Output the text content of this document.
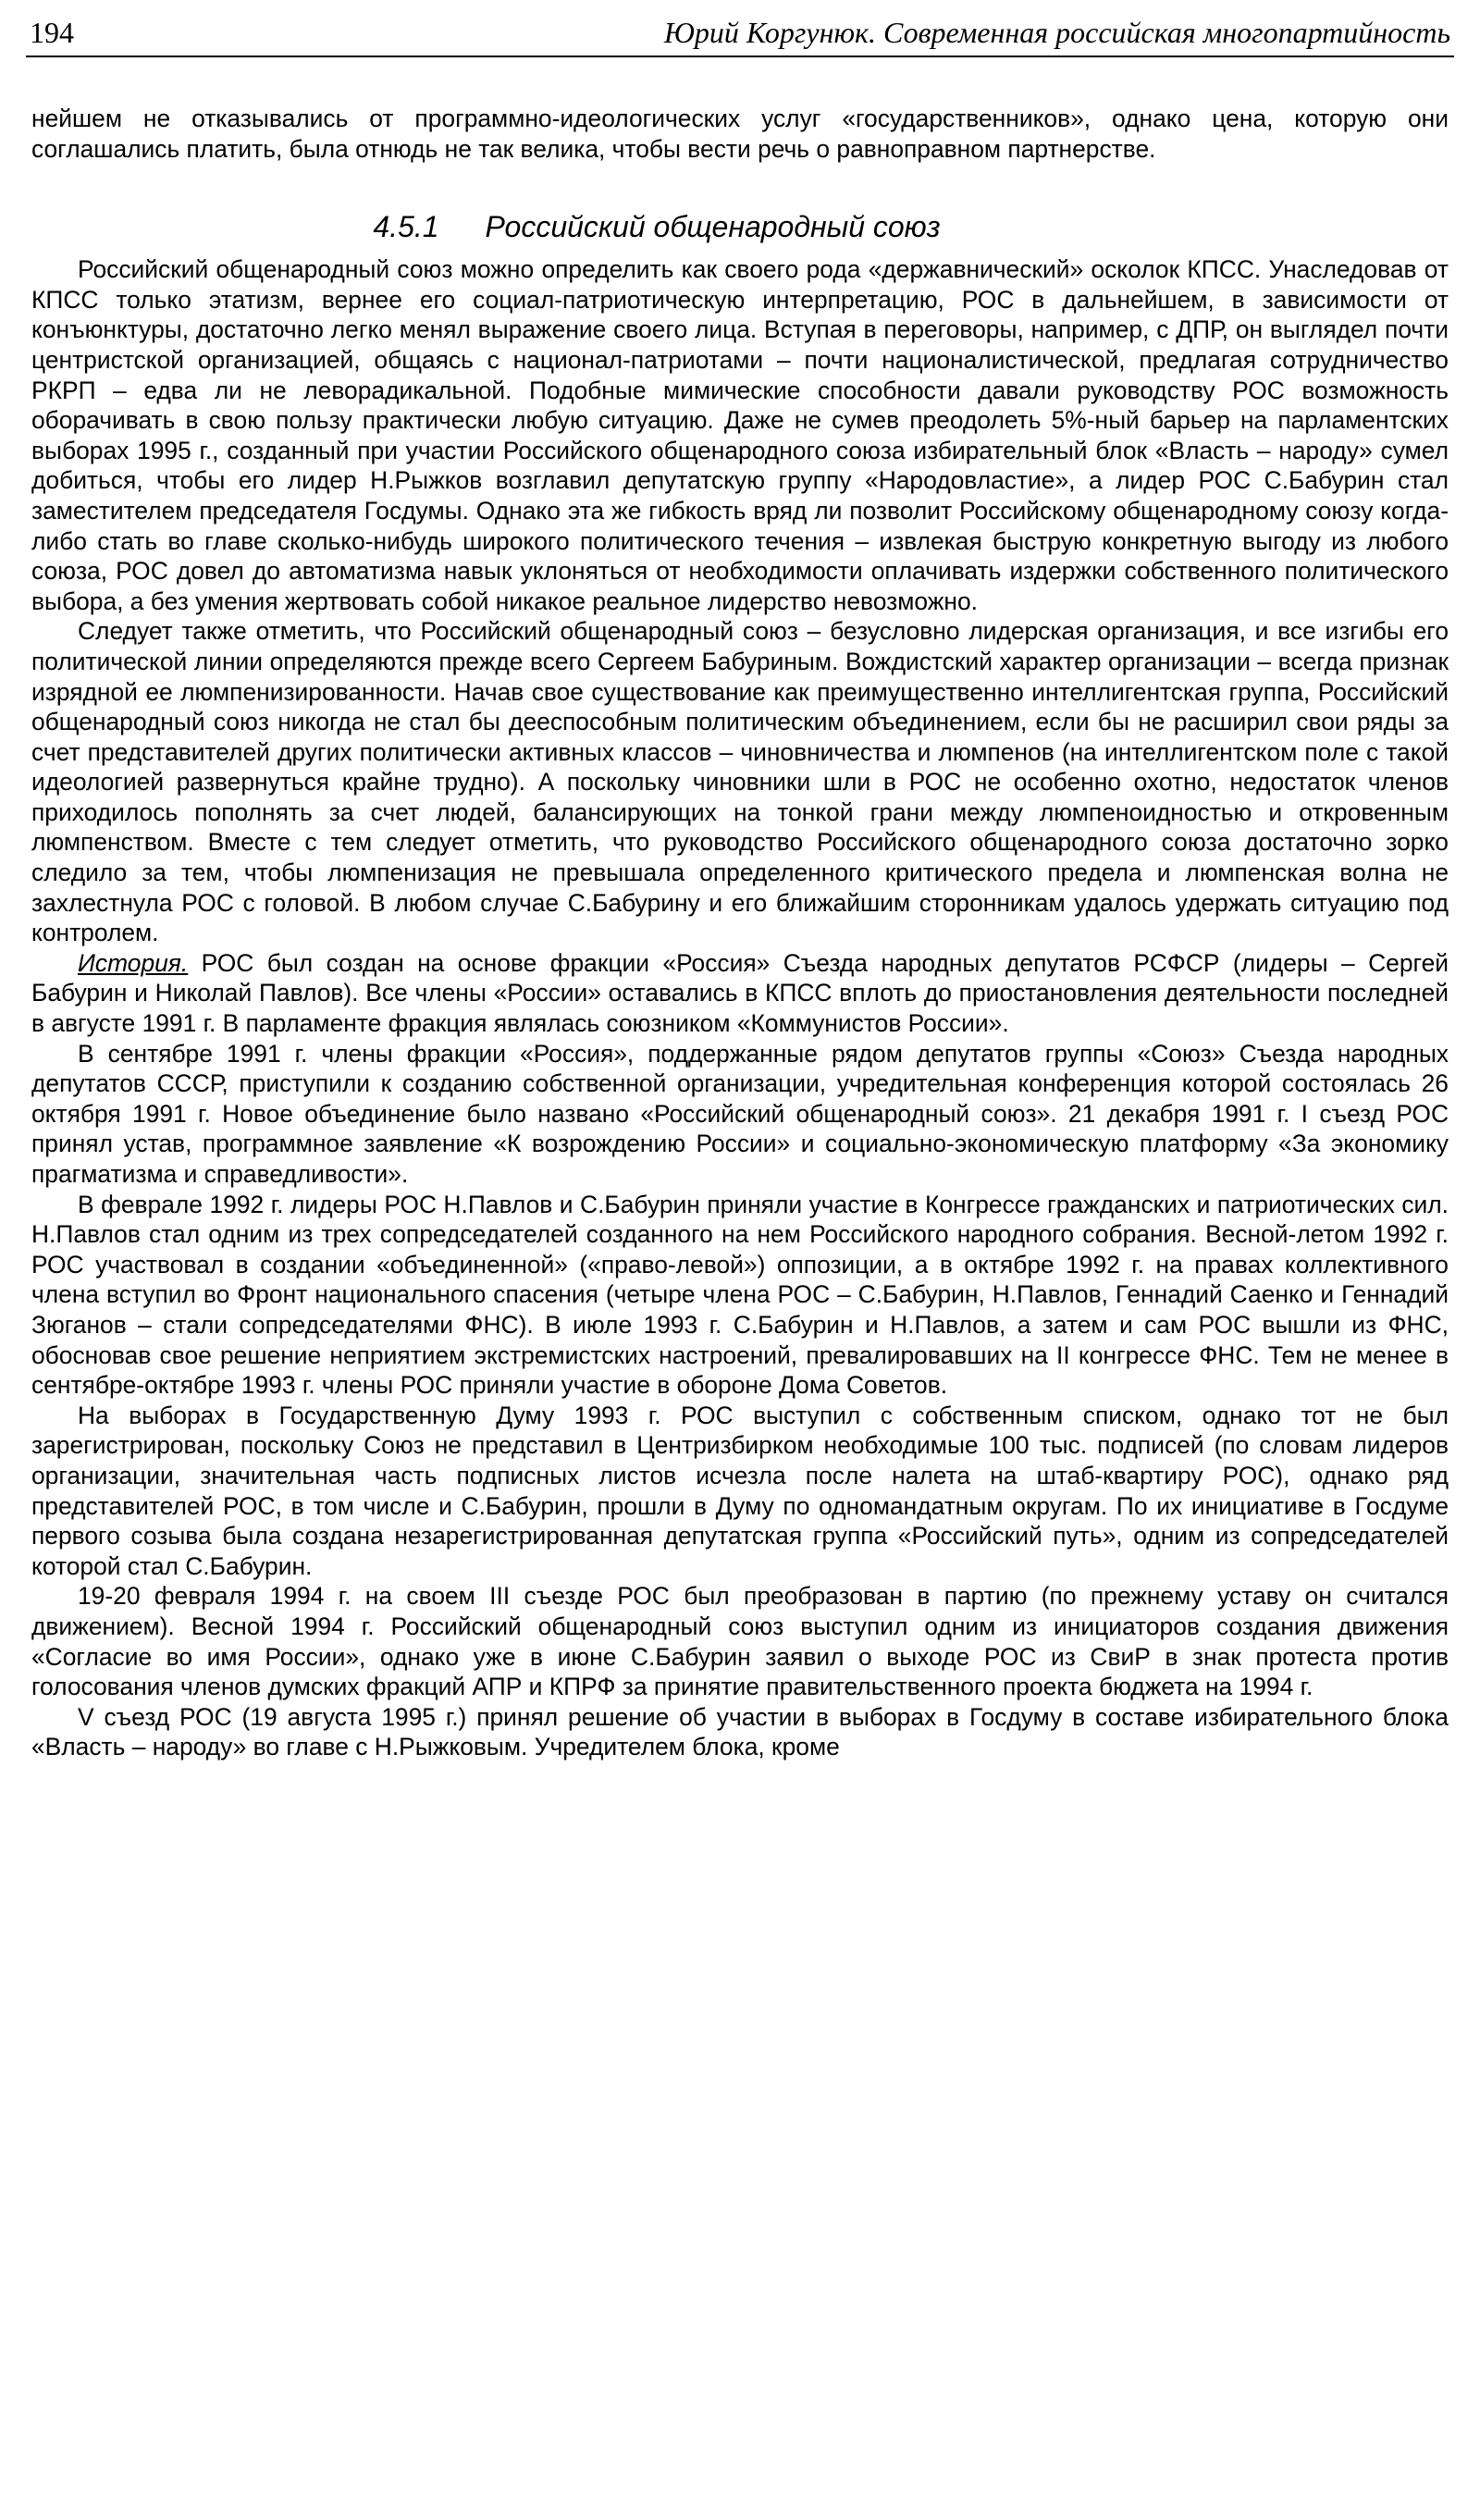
194	Юрий Коргунюк. Современная российская многопартийность

нейшем не отказывались от программно-идеологических услуг «государственников», однако цена, которую они соглашались платить, была отнюдь не так велика, чтобы вести речь о равноправном партнерстве.

4.5.1 Российский общенародный союз

Российский общенародный союз можно определить как своего рода «державнический» осколок КПСС. Унаследовав от КПСС только этатизм, вернее его социал-патриотическую интерпретацию, РОС в дальнейшем, в зависимости от конъюнктуры, достаточно легко менял выражение своего лица. Вступая в переговоры, например, с ДПР, он выглядел почти центристской организацией, общаясь с национал-патриотами – почти националистической, предлагая сотрудничество РКРП – едва ли не леворадикальной. Подобные мимические способности давали руководству РОС возможность оборачивать в свою пользу практически любую ситуацию. Даже не сумев преодолеть 5%-ный барьер на парламентских выборах 1995 г., созданный при участии Российского общенародного союза избирательный блок «Власть – народу» сумел добиться, чтобы его лидер Н.Рыжков возглавил депутатскую группу «Народовластие», а лидер РОС С.Бабурин стал заместителем председателя Госдумы. Однако эта же гибкость вряд ли позволит Российскому общенародному союзу когда-либо стать во главе сколько-нибудь широкого политического течения – извлекая быструю конкретную выгоду из любого союза, РОС довел до автоматизма навык уклоняться от необходимости оплачивать издержки собственного политического выбора, а без умения жертвовать собой никакое реальное лидерство невозможно.

Следует также отметить, что Российский общенародный союз – безусловно лидерская организация, и все изгибы его политической линии определяются прежде всего Сергеем Бабуриным. Вождистский характер организации – всегда признак изрядной ее люмпенизированности. Начав свое существование как преимущественно интеллигентская группа, Российский общенародный союз никогда не стал бы дееспособным политическим объединением, если бы не расширил свои ряды за счет представителей других политически активных классов – чиновничества и люмпенов (на интеллигентском поле с такой идеологией развернуться крайне трудно). А поскольку чиновники шли в РОС не особенно охотно, недостаток членов приходилось пополнять за счет людей, балансирующих на тонкой грани между люмпеноидностью и откровенным люмпенством. Вместе с тем следует отметить, что руководство Российского общенародного союза достаточно зорко следило за тем, чтобы люмпенизация не превышала определенного критического предела и люмпенская волна не захлестнула РОС с головой. В любом случае С.Бабурину и его ближайшим сторонникам удалось удержать ситуацию под контролем.

История. РОС был создан на основе фракции «Россия» Съезда народных депутатов РСФСР (лидеры – Сергей Бабурин и Николай Павлов). Все члены «России» оставались в КПСС вплоть до приостановления деятельности последней в августе 1991 г. В парламенте фракция являлась союзником «Коммунистов России».

В сентябре 1991 г. члены фракции «Россия», поддержанные рядом депутатов группы «Союз» Съезда народных депутатов СССР, приступили к созданию собственной организации, учредительная конференция которой состоялась 26 октября 1991 г. Новое объединение было названо «Российский общенародный союз». 21 декабря 1991 г. I съезд РОС принял устав, программное заявление «К возрождению России» и социально-экономическую платформу «За экономику прагматизма и справедливости».

В феврале 1992 г. лидеры РОС Н.Павлов и С.Бабурин приняли участие в Конгрессе гражданских и патриотических сил. Н.Павлов стал одним из трех сопредседателей созданного на нем Российского народного собрания. Весной-летом 1992 г. РОС участвовал в создании «объединенной» («право-левой») оппозиции, а в октябре 1992 г. на правах коллективного члена вступил во Фронт национального спасения (четыре члена РОС – С.Бабурин, Н.Павлов, Геннадий Саенко и Геннадий Зюганов – стали сопредседателями ФНС). В июле 1993 г. С.Бабурин и Н.Павлов, а затем и сам РОС вышли из ФНС, обосновав свое решение неприятием экстремистских настроений, превалировавших на II конгрессе ФНС. Тем не менее в сентябре-октябре 1993 г. члены РОС приняли участие в обороне Дома Советов.

На выборах в Государственную Думу 1993 г. РОС выступил с собственным списком, однако тот не был зарегистрирован, поскольку Союз не представил в Центризбирком необходимые 100 тыс. подписей (по словам лидеров организации, значительная часть подписных листов исчезла после налета на штаб-квартиру РОС), однако ряд представителей РОС, в том числе и С.Бабурин, прошли в Думу по одномандатным округам. По их инициативе в Госдуме первого созыва была создана незарегистрированная депутатская группа «Российский путь», одним из сопредседателей которой стал С.Бабурин.

19-20 февраля 1994 г. на своем III съезде РОС был преобразован в партию (по прежнему уставу он считался движением). Весной 1994 г. Российский общенародный союз выступил одним из инициаторов создания движения «Согласие во имя России», однако уже в июне С.Бабурин заявил о выходе РОС из СвиР в знак протеста против голосования членов думских фракций АПР и КПРФ за принятие правительственного проекта бюджета на 1994 г.

V съезд РОС (19 августа 1995 г.) принял решение об участии в выборах в Госдуму в составе избирательного блока «Власть – народу» во главе с Н.Рыжковым. Учредителем блока, кроме
